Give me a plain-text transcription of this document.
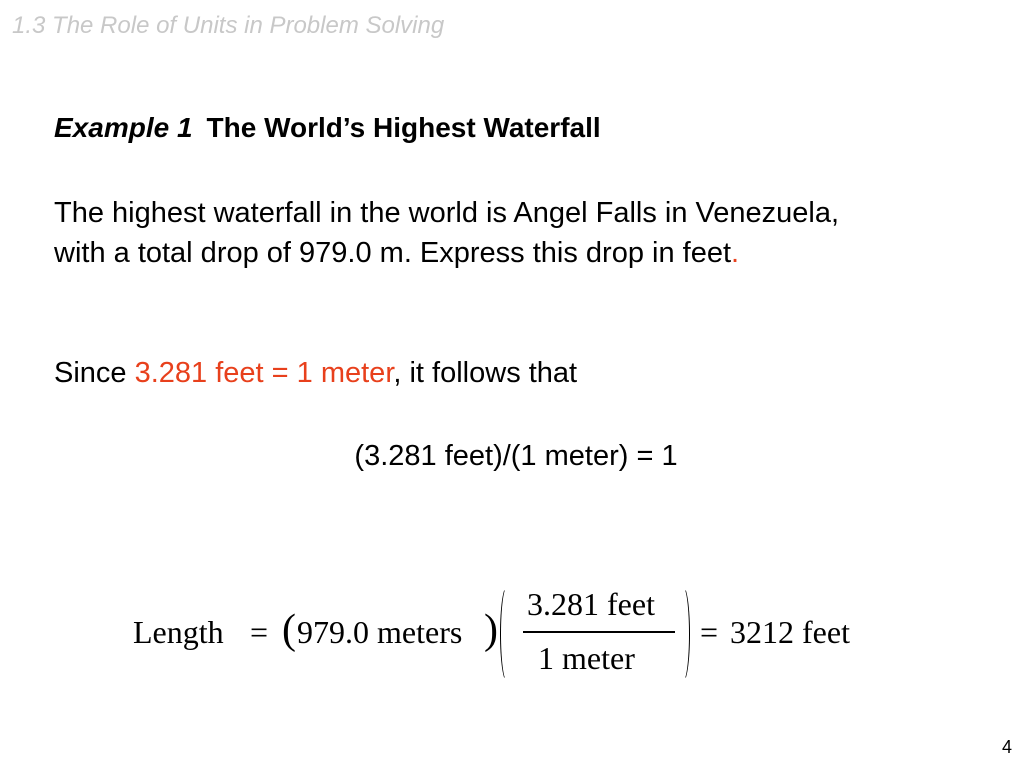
1.3 The Role of Units in Problem Solving
Example 1 The World’s Highest Waterfall
The highest waterfall in the world is Angel Falls in Venezuela,
with a total drop of 979.0 m. Express this drop in feet.
Since 3.281 feet = 1 meter, it follows that
(3.281 feet)/(1 meter) = 1
Length = ( 979.0 meters )
3.281 feet
1 meter
= 3212 feet
4
